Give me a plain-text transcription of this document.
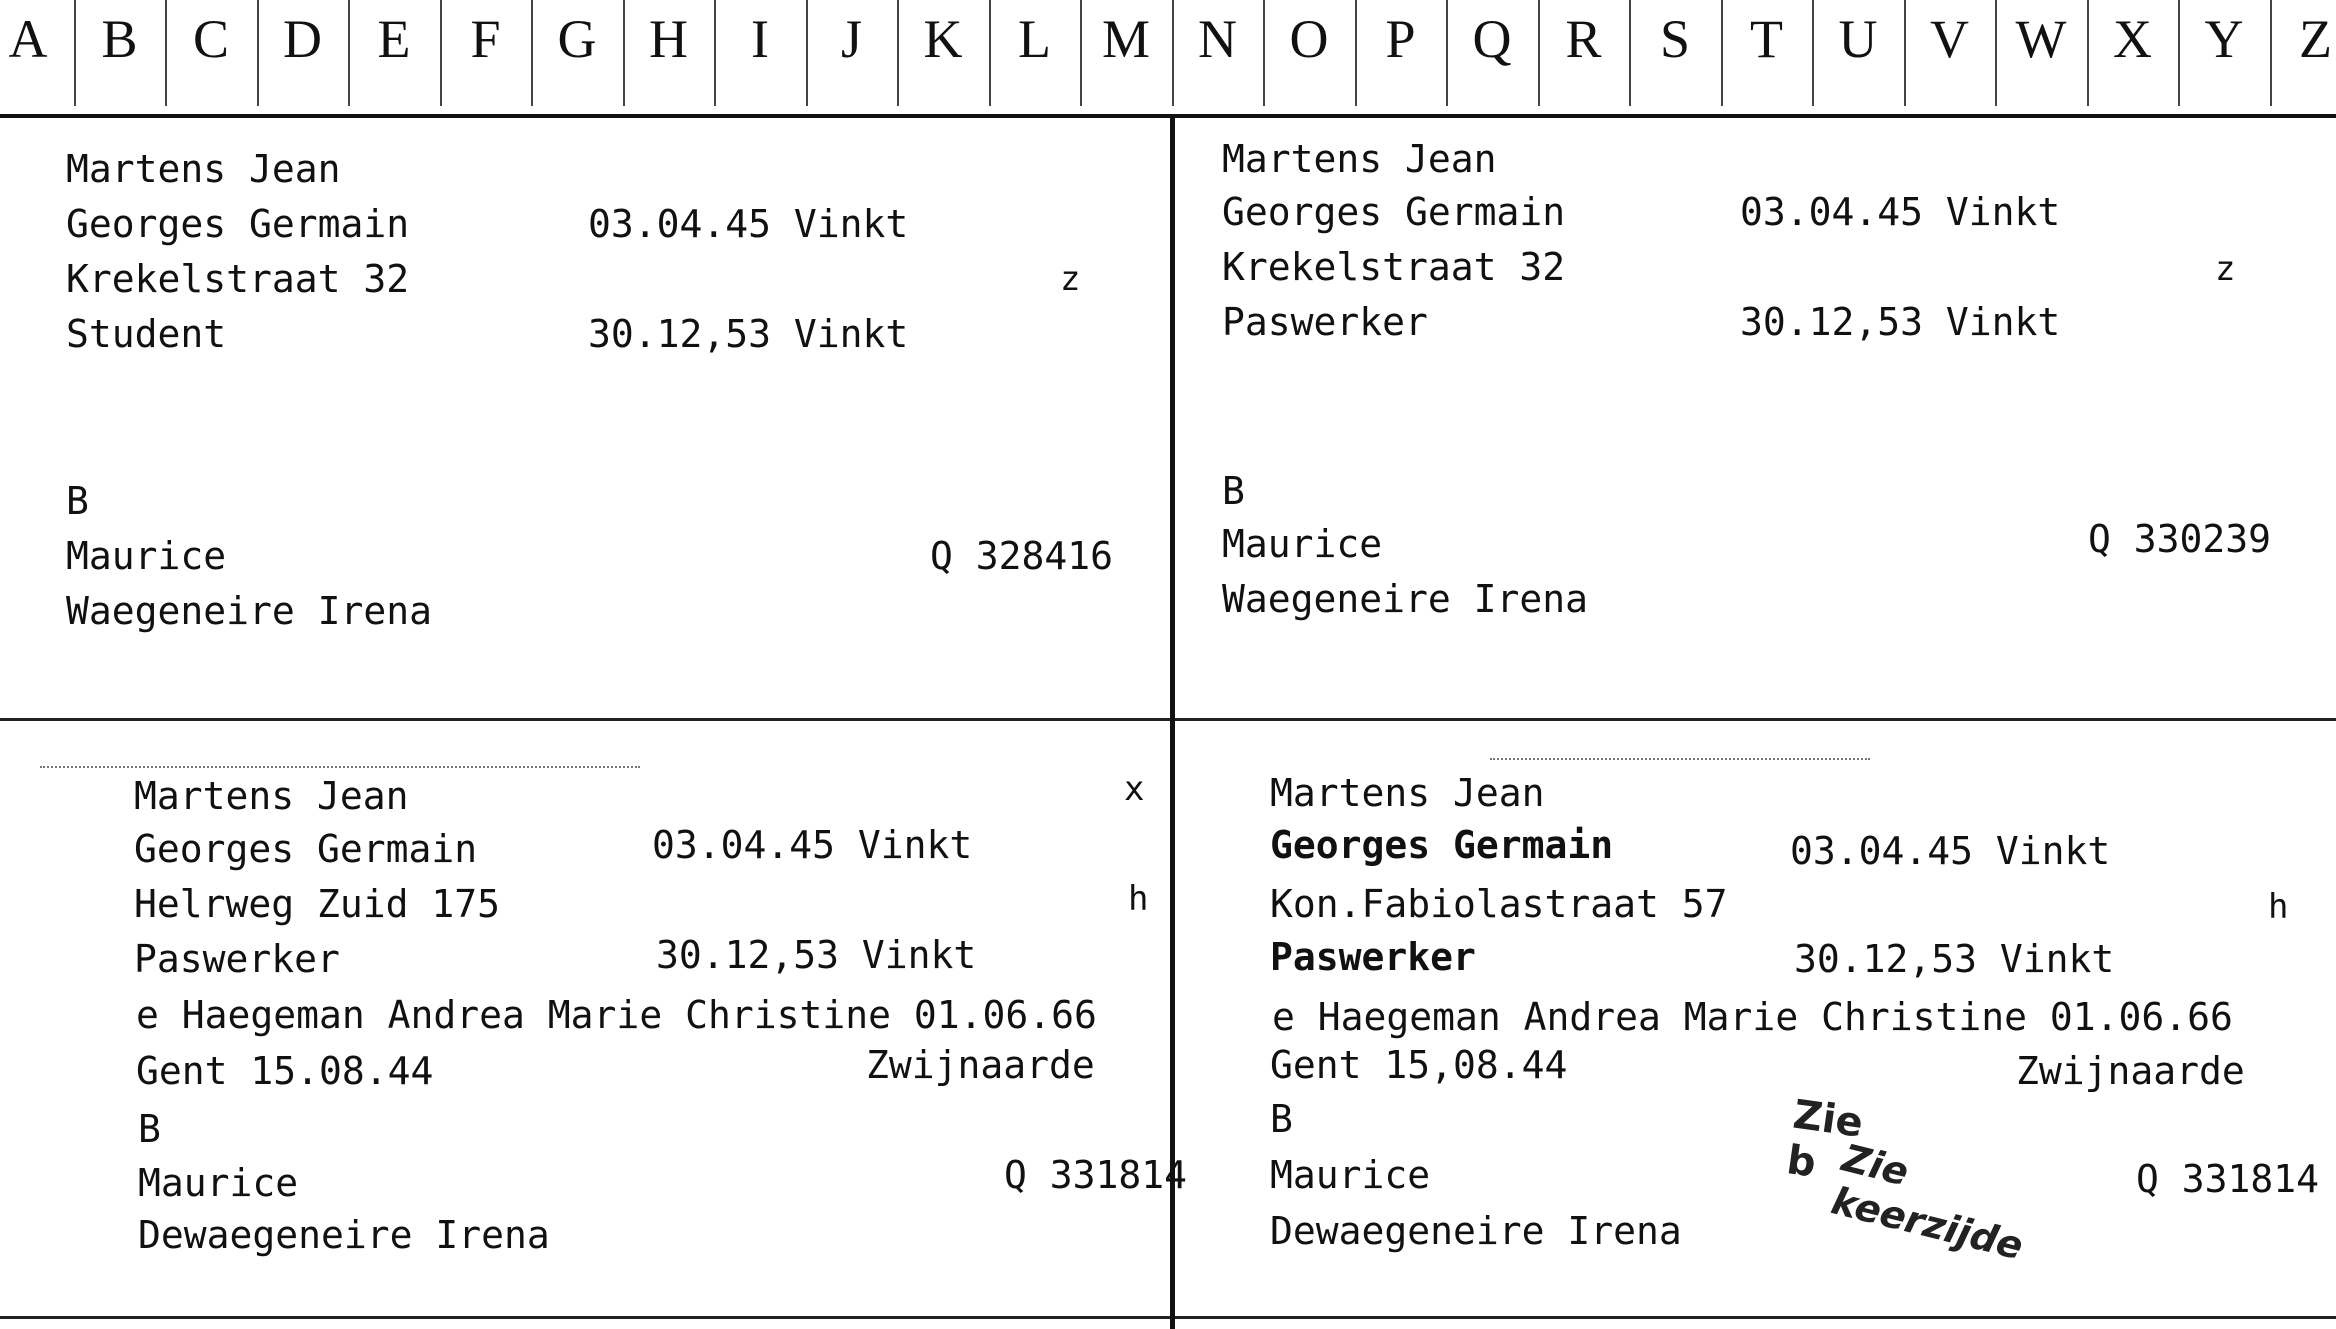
A B C D E F G H I J K L M N O P Q R S T U V W X Y Z
Martens Jean
Georges Germain	03.04.45 Vinkt
Krekelstraat 32	z
Student	30.12,53 Vinkt
B
Maurice	Q 328416
Waegeneire Irena
Martens Jean
Georges Germain	03.04.45 Vinkt
Krekelstraat 32	z
Paswerker	30.12,53 Vinkt
B
Maurice	Q 330239
Waegeneire Irena
Martens Jean	x
Georges Germain	03.04.45 Vinkt
Helrweg Zuid 175	h
Paswerker	30.12,53 Vinkt
e Haegeman Andrea Marie Christine 01.06.66
Gent 15.08.44	Zwijnaarde
B
Maurice	Q 331814
Dewaegeneire Irena
Martens Jean
Georges Germain	03.04.45 Vinkt
Kon.Fabiolastraat 57	h
Paswerker	30.12,53 Vinkt
e Haegeman Andrea Marie Christine 01.06.66
Gent 15,08.44	Zwijnaarde
B
Maurice	Q 331814
Dewaegeneire Irena
Zie b Zie keerzijde
